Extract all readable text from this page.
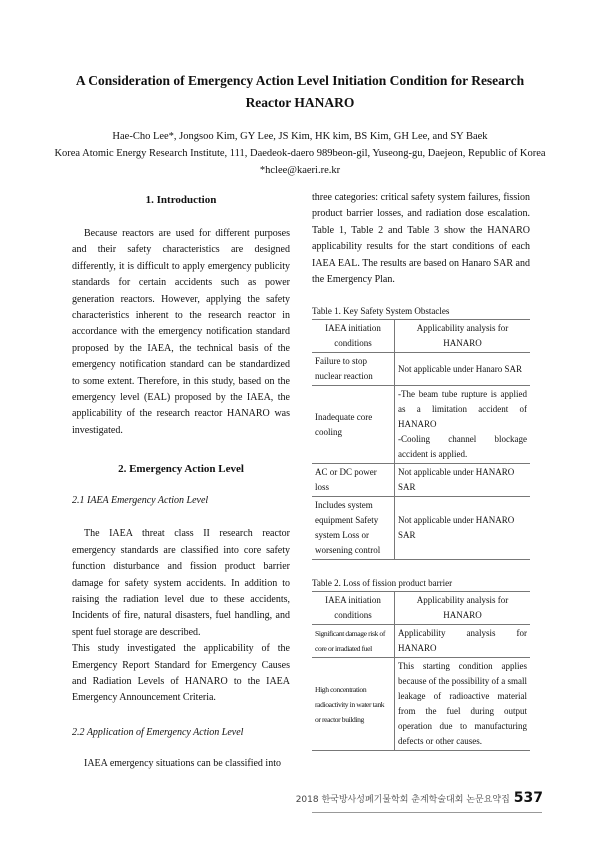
A Consideration of Emergency Action Level Initiation Condition for Research Reactor HANARO
Hae-Cho Lee*, Jongsoo Kim, GY Lee, JS Kim, HK kim, BS Kim, GH Lee, and SY Baek
Korea Atomic Energy Research Institute, 111, Daedeok-daero 989beon-gil, Yuseong-gu, Daejeon, Republic of Korea
*hclee@kaeri.re.kr
1. Introduction

Because reactors are used for different purposes and their safety characteristics are designed differently, it is difficult to apply emergency publicity standards for certain accidents such as power generation reactors. However, applying the safety characteristics inherent to the research reactor in accordance with the emergency notification standard proposed by the IAEA, the technical basis of the emergency notification standard can be standardized to some extent. Therefore, in this study, based on the emergency level (EAL) proposed by the IAEA, the applicability of the research reactor HANARO was investigated.

2. Emergency Action Level
2.1 IAEA Emergency Action Level

The IAEA threat class II research reactor emergency standards are classified into core safety function disturbance and fission product barrier damage for safety system accidents. In addition to raising the radiation level due to these accidents, Incidents of fire, natural disasters, fuel handling, and spent fuel storage are described.

This study investigated the applicability of the Emergency Report Standard for Emergency Causes and Radiation Levels of HANARO to the IAEA Emergency Announcement Criteria.

2.2 Application of Emergency Action Level

IAEA emergency situations can be classified into

three categories: critical safety system failures, fission product barrier losses, and radiation dose escalation. Table 1, Table 2 and Table 3 show the HANARO applicability results for the start conditions of each IAEA EAL. The results are based on Hanaro SAR and the Emergency Plan.

Table 1. Key Safety System Obstacles
IAEA initiation conditions	Applicability analysis for HANARO
Failure to stop nuclear reaction	Not applicable under Hanaro SAR
Inadequate core cooling	-The beam tube rupture is applied as a limitation accident of HANARO
-Cooling channel blockage accident is applied.
AC or DC power loss	Not applicable under HANARO SAR
Includes system equipment Safety system Loss or worsening control	Not applicable under HANARO SAR
Table 2. Loss of fission product barrier
IAEA initiation conditions	Applicability analysis for HANARO
Significant damage risk of core or irradiated fuel	Applicability analysis for HANARO
High concentration radioactivity in water tank or reactor building	This starting condition applies because of the possibility of a small leakage of radioactive material from the fuel during output operation due to manufacturing defects or other causes.
2018 한국방사성폐기물학회 춘계학술대회 논문요약집 537
